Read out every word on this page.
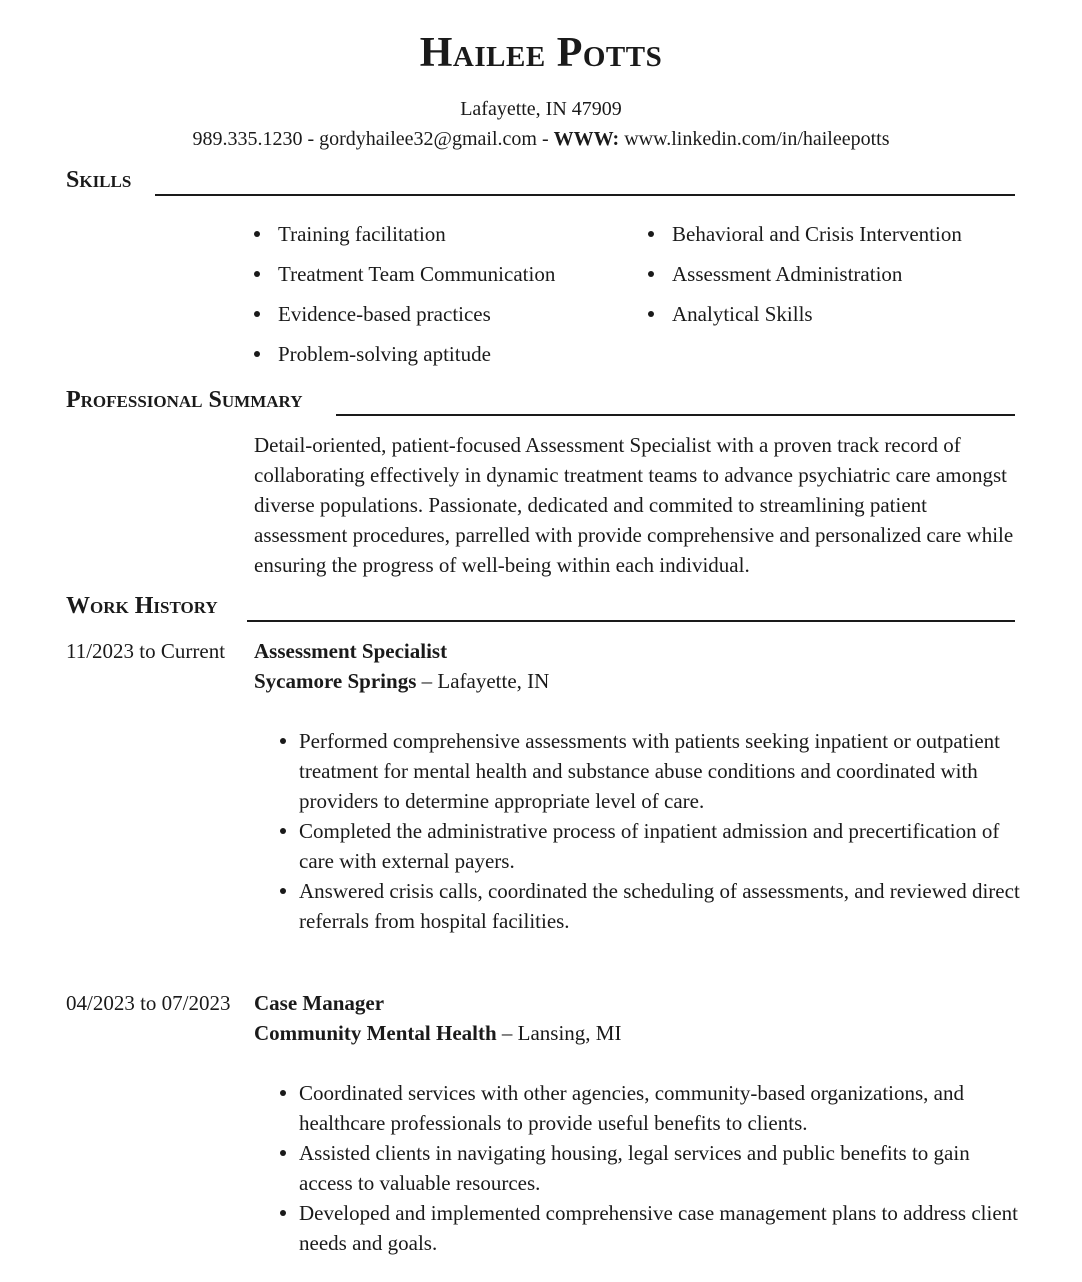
Hailee Potts
Lafayette, IN 47909
989.335.1230 - gordyhailee32@gmail.com - WWW: www.linkedin.com/in/haileepotts
Skills
Training facilitation
Treatment Team Communication
Evidence-based practices
Problem-solving aptitude
Behavioral and Crisis Intervention
Assessment Administration
Analytical Skills
Professional Summary

Detail-oriented, patient-focused Assessment Specialist with a proven track record of collaborating effectively in dynamic treatment teams to advance psychiatric care amongst diverse populations. Passionate, dedicated and commited to streamlining patient assessment procedures, parrelled with provide comprehensive and personalized care while ensuring the progress of well-being within each individual.

Work History
11/2023 to Current Assessment Specialist
Sycamore Springs – Lafayette, IN
Performed comprehensive assessments with patients seeking inpatient or outpatient treatment for mental health and substance abuse conditions and coordinated with providers to determine appropriate level of care.
Completed the administrative process of inpatient admission and precertification of care with external payers.
Answered crisis calls, coordinated the scheduling of assessments, and reviewed direct referrals from hospital facilities.
04/2023 to 07/2023 Case Manager
Community Mental Health – Lansing, MI
Coordinated services with other agencies, community-based organizations, and healthcare professionals to provide useful benefits to clients.
Assisted clients in navigating housing, legal services and public benefits to gain access to valuable resources.
Developed and implemented comprehensive case management plans to address client needs and goals.
